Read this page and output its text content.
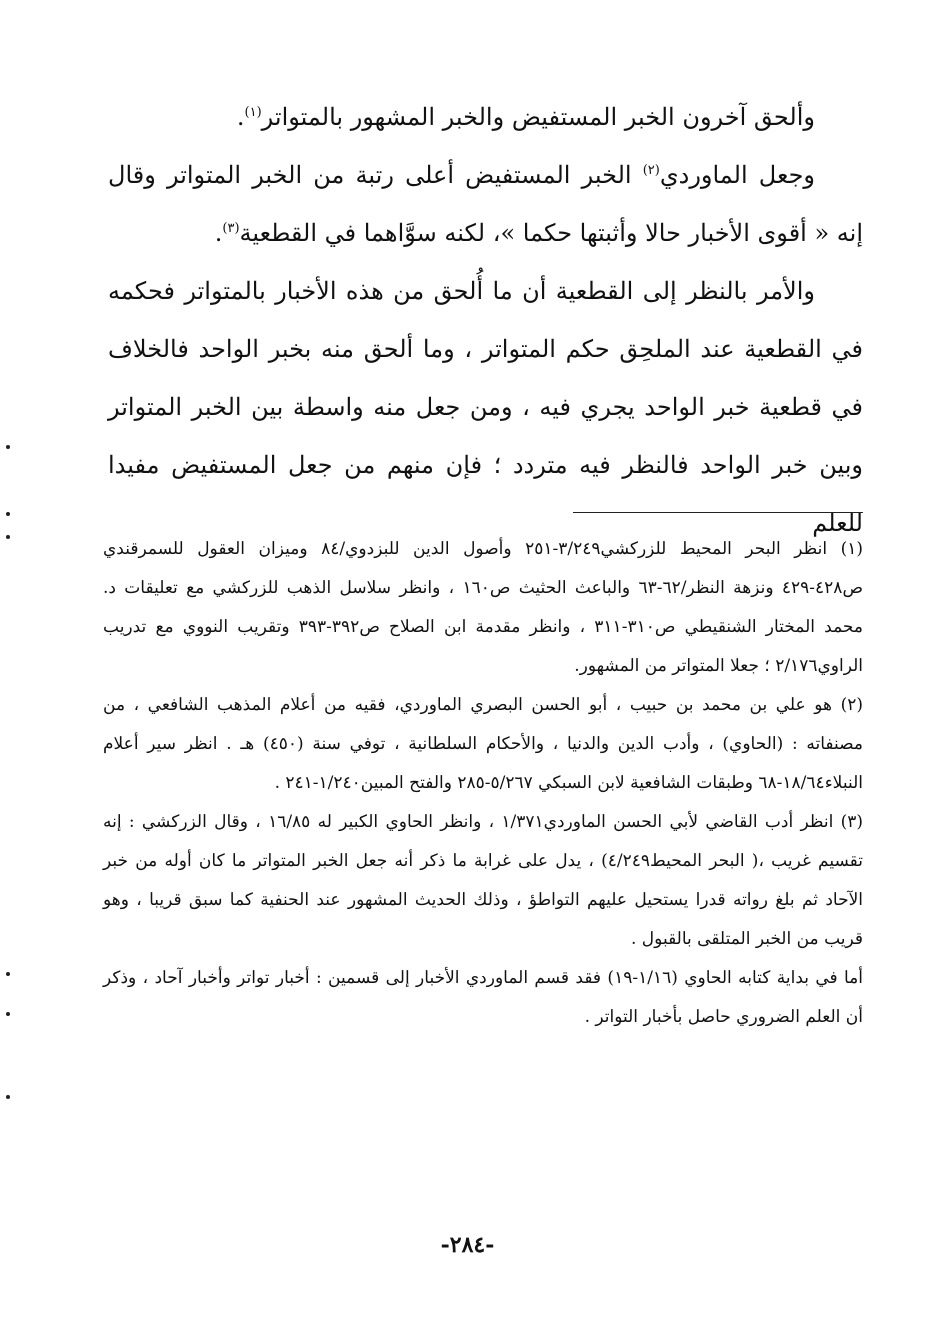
وألحق آخرون الخبر المستفيض والخبر المشهور بالمتواتر$^{(١)}$.

وجعل الماوردي$^{(٢)}$ الخبر المستفيض أعلى رتبة من الخبر المتواتر وقال إنه « أقوى الأخبار حالا وأثبتها حكما »، لكنه سوَّاهما في القطعية$^{(٣)}$.

والأمر بالنظر إلى القطعية أن ما أُلحق من هذه الأخبار بالمتواتر فحكمه في القطعية عند الملحِق حكم المتواتر ، وما ألحق منه بخبر الواحد فالخلاف في قطعية خبر الواحد يجري فيه ، ومن جعل منه واسطة بين الخبر المتواتر وبين خبر الواحد فالنظر فيه متردد ؛ فإن منهم من جعل المستفيض مفيدا للعلم

(١) انظر البحر المحيط للزركشي٣/٢٤٩-٢٥١ وأصول الدين للبزدوي/٨٤ وميزان العقول للسمرقندي ص٤٢٨-٤٢٩ ونزهة النظر/٦٢-٦٣ والباعث الحثيث ص١٦٠ ، وانظر سلاسل الذهب للزركشي مع تعليقات د. محمد المختار الشنقيطي ص٣١٠-٣١١ ، وانظر مقدمة ابن الصلاح ص٣٩٢-٣٩٣ وتقريب النووي مع تدريب الراوي٢/١٧٦ ؛ جعلا المتواتر من المشهور.

(٢) هو علي بن محمد بن حبيب ، أبو الحسن البصري الماوردي، فقيه من أعلام المذهب الشافعي ، من مصنفاته : (الحاوي) ، وأدب الدين والدنيا ، والأحكام السلطانية ، توفي سنة (٤٥٠) هـ . انظر سير أعلام النبلاء١٨/٦٤-٦٨ وطبقات الشافعية لابن السبكي ٥/٢٦٧-٢٨٥ والفتح المبين١/٢٤٠-٢٤١ .

(٣) انظر أدب القاضي لأبي الحسن الماوردي١/٣٧١ ، وانظر الحاوي الكبير له ١٦/٨٥ ، وقال الزركشي : إنه تقسيم غريب ،( البحر المحيط٤/٢٤٩) ، يدل على غرابة ما ذكر أنه جعل الخبر المتواتر ما كان أوله من خبر الآحاد ثم بلغ رواته قدرا يستحيل عليهم التواطؤ ، وذلك الحديث المشهور عند الحنفية كما سبق قريبا ، وهو قريب من الخبر المتلقى بالقبول .

أما في بداية كتابه الحاوي (١/١٦-١٩) فقد قسم الماوردي الأخبار إلى قسمين : أخبار تواتر وأخبار آحاد ، وذكر أن العلم الضروري حاصل بأخبار التواتر .

-٢٨٤-
